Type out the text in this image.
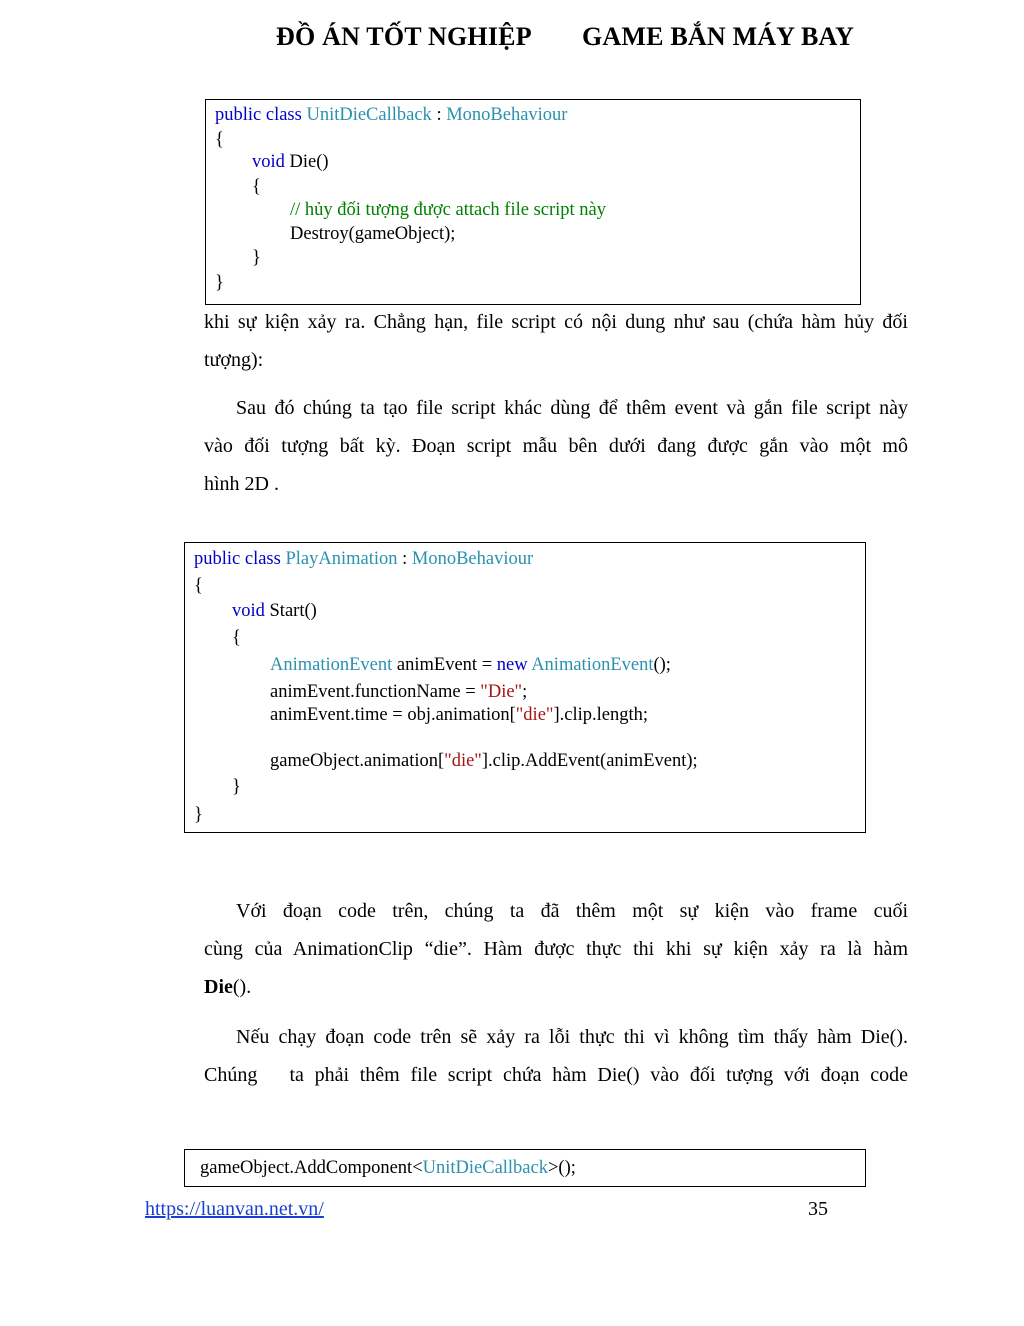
ĐỒ ÁN TỐT NGHIỆP GAME BẮN MÁY BAY
public class UnitDieCallback : MonoBehaviour
{
void Die()
{
// hủy đối tượng được attach file script này
Destroy(gameObject);
}
}
khi sự kiện xảy ra. Chẳng hạn, file script có nội dung như sau (chứa hàm hủy đối
tượng):
Sau đó chúng ta tạo file script khác dùng để thêm event và gắn file script này
vào đối tượng bất kỳ. Đoạn script mẫu bên dưới đang được gắn vào một mô
hình 2D .
public class PlayAnimation : MonoBehaviour
{
void Start()
{
AnimationEvent animEvent = new AnimationEvent();
animEvent.functionName = "Die";
animEvent.time = obj.animation["die"].clip.length;
gameObject.animation["die"].clip.AddEvent(animEvent);
}
}
Với đoạn code trên, chúng ta đã thêm một sự kiện vào frame cuối
cùng của AnimationClip “die”. Hàm được thực thi khi sự kiện xảy ra là hàm
Die().
Nếu chạy đoạn code trên sẽ xảy ra lỗi thực thi vì không tìm thấy hàm Die().
Chúng   ta phải thêm file script chứa hàm Die() vào đối tượng với đoạn code
gameObject.AddComponent<UnitDieCallback>();
https://luanvan.net.vn/	35
